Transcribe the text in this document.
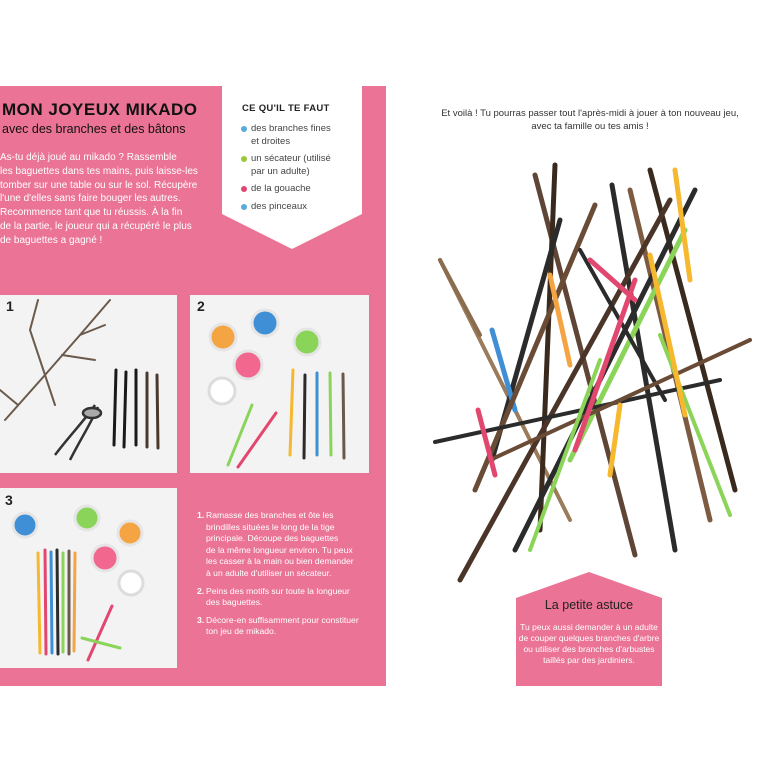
MON JOYEUX MIKADO
avec des branches et des bâtons
As-tu déjà joué au mikado ? Rassemble
les baguettes dans tes mains, puis laisse-les
tomber sur une table ou sur le sol. Récupère
l'une d'elles sans faire bouger les autres.
Recommence tant que tu réussis. À la fin
de la partie, le joueur qui a récupéré le plus
de baguettes a gagné !
CE QU'IL TE FAUT
des branches fines
et droites
un sécateur (utilisé
par un adulte)
de la gouache
des pinceaux
1	2
3
1. Ramasse des branches et ôte les
brindilles situées le long de la tige
principale. Découpe des baguettes
de la même longueur environ. Tu peux
les casser à la main ou bien demander
à un adulte d'utiliser un sécateur.
2. Peins des motifs sur toute la longueur
des baguettes.
3. Décore-en suffisamment pour constituer
ton jeu de mikado.
Et voilà ! Tu pourras passer tout l'après-midi à jouer à ton nouveau jeu,
avec ta famille ou tes amis !
La petite astuce
Tu peux aussi demander à un adulte
de couper quelques branches d'arbre
ou utiliser des branches d'arbustes
taillés par des jardiniers.
